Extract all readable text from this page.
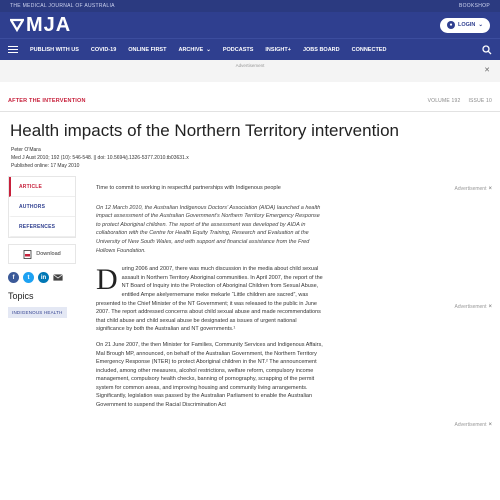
THE MEDICAL JOURNAL OF AUSTRALIA	BOOKSHOP
MJA	● LOGIN ⌄
PUBLISH WITH US COVID-19 ONLINE FIRST ARCHIVE ⌄ PODCASTS INSIGHT+ JOBS BOARD CONNECTED
Advertisement
✕
AFTER THE INTERVENTION	VOLUME 192 ISSUE 10
Health impacts of the Northern Territory intervention
Peter O’Mara
Med J Aust 2010; 192 (10): 546-548. || doi: 10.5694/j.1326-5377.2010.tb03631.x
Published online: 17 May 2010
ARTICLE
AUTHORS
REFERENCES
Download
f	t	in
Topics
INDIGENOUS HEALTH

Time to commit to working in respectful partnerships with Indigenous people

On 12 March 2010, the Australian Indigenous Doctors’ Association (AIDA) launched a health impact assessment of the Australian Government’s Northern Territory Emergency Response to protect Aboriginal children. The report of the assessment was developed by AIDA in collaboration with the Centre for Health Equity Training, Research and Evaluation at the University of New South Wales, and with support and financial assistance from the Fred Hollows Foundation.

During 2006 and 2007, there was much discussion in the media about child sexual assault in Northern Territory Aboriginal communities. In April 2007, the report of the NT Board of Inquiry into the Protection of Aboriginal Children from Sexual Abuse, entitled Ampe akelyernemane meke mekarle “Little children are sacred”, was presented to the Chief Minister of the NT Government; it was released to the public in June 2007. The report addressed concerns about child sexual abuse and made recommendations that child abuse and child sexual abuse be designated as issues of urgent national significance by both the Australian and NT governments.¹

On 21 June 2007, the then Minister for Families, Community Services and Indigenous Affairs, Mal Brough MP, announced, on behalf of the Australian Government, the Northern Territory Emergency Response (NTER) to protect Aboriginal children in the NT.² The announcement included, among other measures, alcohol restrictions, welfare reform, compulsory income management, compulsory health checks, banning of pornography, scrapping of the permit system for common areas, and improving housing and community living arrangements. Significantly, legislation was passed by the Australian Parliament to enable the Australian Government to suspend the Racial Discrimination Act

Advertisement ×
Advertisement ×
Advertisement ×
